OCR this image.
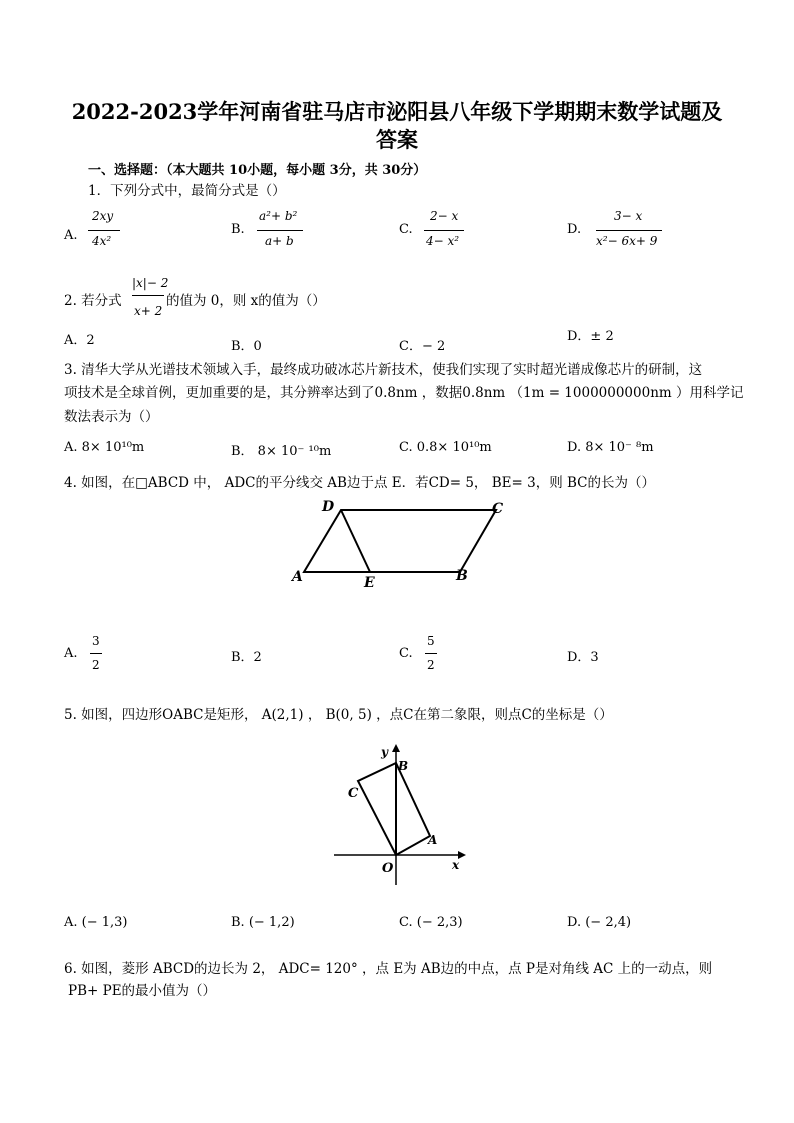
2022-2023学年河南省驻马店市泌阳县八年级下学期期末数学试题及
答案
一、选择题：（本大题共 10小题，每小题 3分，共 30分）
1．下列分式中，最简分式是（）
A.
2xy
4x²
B.
a²+ b²
a+ b
C.
2− x
4− x²
D.
3− x
x²− 6x+ 9
2. 若分式
|x|− 2
x+ 2
的值为 0，则 x的值为（）
A．2	B．0	C．− 2
D．± 2
3. 清华大学从光谱技术领域入手，最终成功破冰芯片新技术，使我们实现了实时超光谱成像芯片的研制，这
项技术是全球首例，更加重要的是，其分辨率达到了0.8nm ，数据0.8nm （1m = 1000000000nm ）用科学记
数法表示为（）
A. 8× 10¹⁰m	B． 8× 10⁻ ¹⁰m	C. 0.8× 10¹⁰m	D. 8× 10⁻ ⁸m
4. 如图，在□ABCD 中， ADC的平分线交 AB边于点 E．若CD= 5， BE= 3，则 BC的长为（）
A
D	C
B
E
A.
3
2	B．2	C.
5
2	D．3
5. 如图，四边形OABC是矩形， A(2,1) ， B(0, 5) ，点C在第二象限，则点C的坐标是（）
y
B
C
A
O	x
A. (− 1,3)	B. (− 1,2)	C. (− 2,3)	D. (− 2,4)
6. 如图，菱形 ABCD的边长为 2， ADC= 120° ，点 E为 AB边的中点，点 P是对角线 AC 上的一动点，则
PB+ PE的最小值为（）
